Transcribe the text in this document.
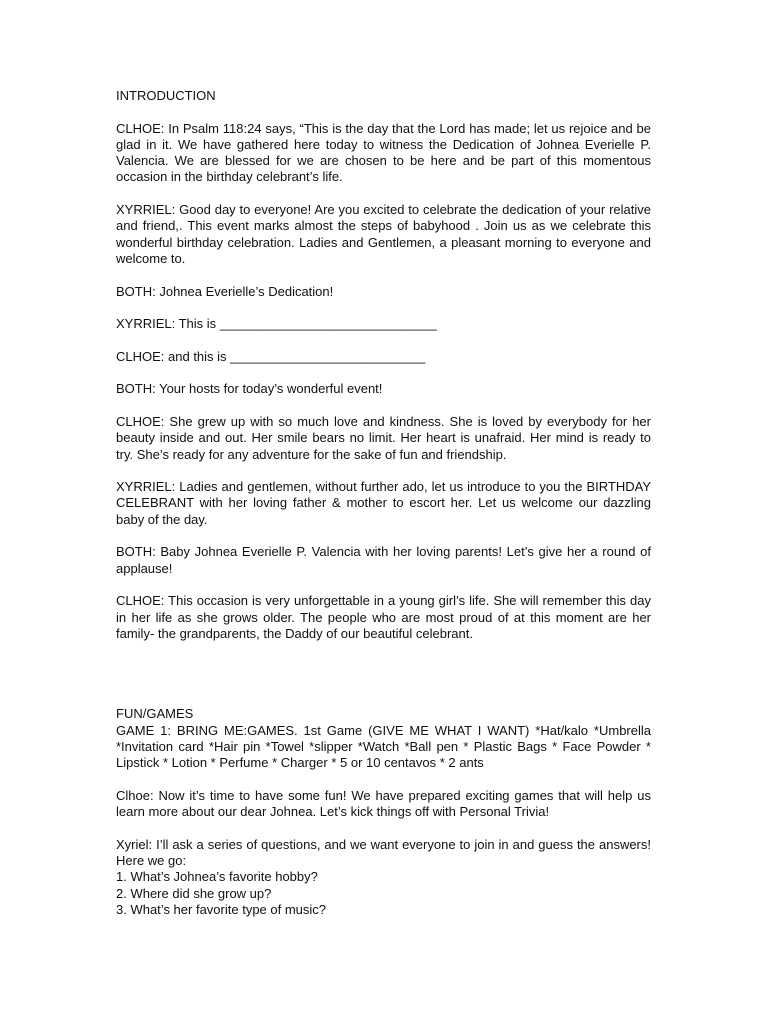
INTRODUCTION

CLHOE: In Psalm 118:24 says, “This is the day that the Lord has made; let us rejoice and be glad in it. We have gathered here today to witness the Dedication of Johnea Everielle P. Valencia. We are blessed for we are chosen to be here and be part of this momentous occasion in the birthday celebrant’s life.

XYRRIEL: Good day to everyone! Are you excited to celebrate the dedication of your relative and friend,. This event marks almost the steps of babyhood . Join us as we celebrate this wonderful birthday celebration. Ladies and Gentlemen, a pleasant morning to everyone and welcome to.

BOTH: Johnea Everielle’s Dedication!

XYRRIEL: This is ______________________________

CLHOE: and this is ___________________________

BOTH: Your hosts for today’s wonderful event!

CLHOE: She grew up with so much love and kindness. She is loved by everybody for her beauty inside and out. Her smile bears no limit. Her heart is unafraid. Her mind is ready to try. She’s ready for any adventure for the sake of fun and friendship.

XYRRIEL: Ladies and gentlemen, without further ado, let us introduce to you the BIRTHDAY CELEBRANT with her loving father & mother to escort her. Let us welcome our dazzling baby of the day.

BOTH: Baby Johnea Everielle P. Valencia with her loving parents! Let’s give her a round of applause!

CLHOE: This occasion is very unforgettable in a young girl’s life. She will remember this day in her life as she grows older. The people who are most proud of at this moment are her family- the grandparents, the Daddy of our beautiful celebrant.

FUN/GAMES

GAME 1: BRING ME:GAMES. 1st Game (GIVE ME WHAT I WANT) *Hat/kalo *Umbrella *Invitation card *Hair pin *Towel *slipper *Watch *Ball pen * Plastic Bags * Face Powder * Lipstick * Lotion * Perfume * Charger * 5 or 10 centavos * 2 ants

Clhoe: Now it’s time to have some fun! We have prepared exciting games that will help us learn more about our dear Johnea. Let’s kick things off with Personal Trivia!

Xyriel: I’ll ask a series of questions, and we want everyone to join in and guess the answers! Here we go:

1. What’s Johnea’s favorite hobby?
2. Where did she grow up?
3. What’s her favorite type of music?
